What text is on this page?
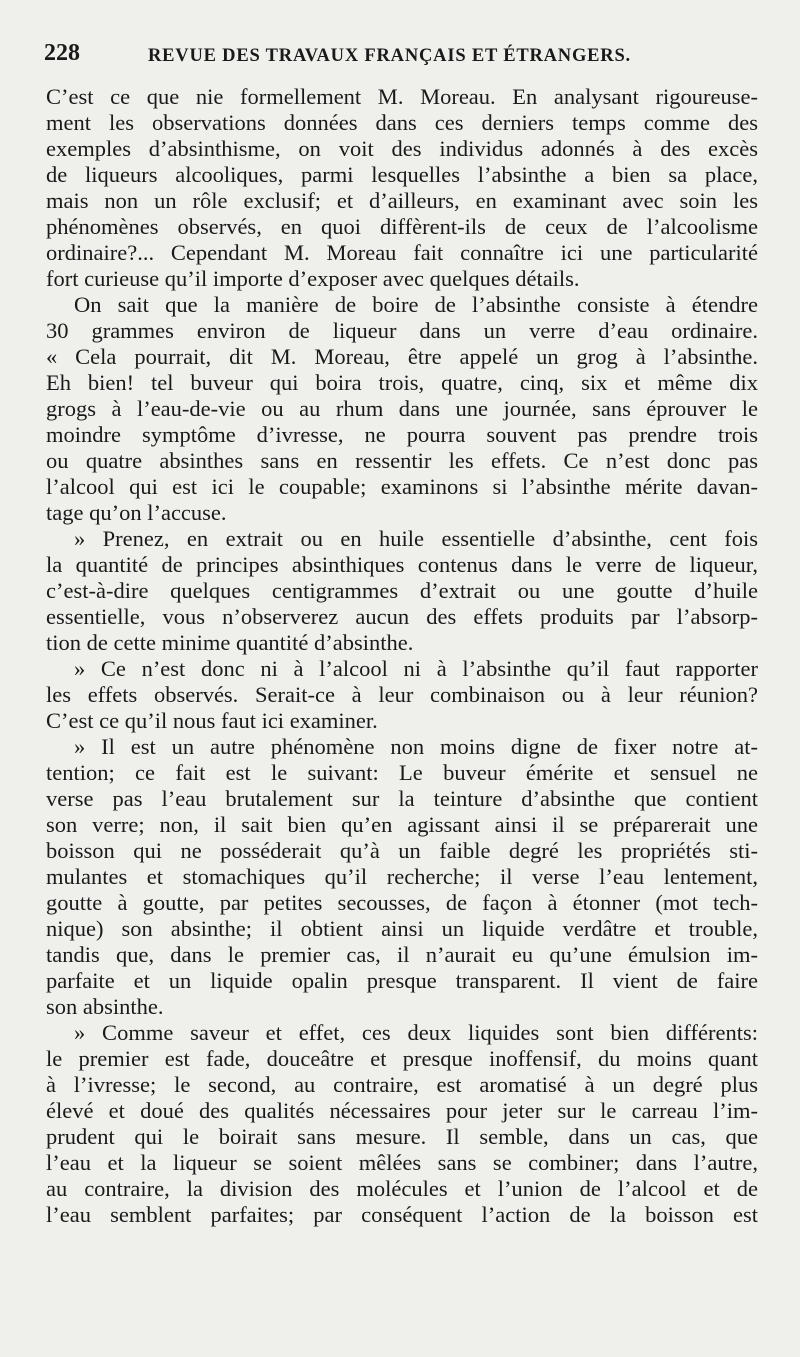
228	REVUE DES TRAVAUX FRANÇAIS ET ÉTRANGERS.
C’est ce que nie formellement M. Moreau. En analysant rigoureuse-
ment les observations données dans ces derniers temps comme des
exemples d’absinthisme, on voit des individus adonnés à des excès
de liqueurs alcooliques, parmi lesquelles l’absinthe a bien sa place,
mais non un rôle exclusif; et d’ailleurs, en examinant avec soin les
phénomènes observés, en quoi diffèrent-ils de ceux de l’alcoolisme
ordinaire?... Cependant M. Moreau fait connaître ici une particularité
fort curieuse qu’il importe d’exposer avec quelques détails.
On sait que la manière de boire de l’absinthe consiste à étendre
30 grammes environ de liqueur dans un verre d’eau ordinaire.
« Cela pourrait, dit M. Moreau, être appelé un grog à l’absinthe.
Eh bien! tel buveur qui boira trois, quatre, cinq, six et même dix
grogs à l’eau-de-vie ou au rhum dans une journée, sans éprouver le
moindre symptôme d’ivresse, ne pourra souvent pas prendre trois
ou quatre absinthes sans en ressentir les effets. Ce n’est donc pas
l’alcool qui est ici le coupable; examinons si l’absinthe mérite davan-
tage qu’on l’accuse.
» Prenez, en extrait ou en huile essentielle d’absinthe, cent fois
la quantité de principes absinthiques contenus dans le verre de liqueur,
c’est-à-dire quelques centigrammes d’extrait ou une goutte d’huile
essentielle, vous n’observerez aucun des effets produits par l’absorp-
tion de cette minime quantité d’absinthe.
» Ce n’est donc ni à l’alcool ni à l’absinthe qu’il faut rapporter
les effets observés. Serait-ce à leur combinaison ou à leur réunion?
C’est ce qu’il nous faut ici examiner.
» Il est un autre phénomène non moins digne de fixer notre at-
tention; ce fait est le suivant: Le buveur émérite et sensuel ne
verse pas l’eau brutalement sur la teinture d’absinthe que contient
son verre; non, il sait bien qu’en agissant ainsi il se préparerait une
boisson qui ne posséderait qu’à un faible degré les propriétés sti-
mulantes et stomachiques qu’il recherche; il verse l’eau lentement,
goutte à goutte, par petites secousses, de façon à étonner (mot tech-
nique) son absinthe; il obtient ainsi un liquide verdâtre et trouble,
tandis que, dans le premier cas, il n’aurait eu qu’une émulsion im-
parfaite et un liquide opalin presque transparent. Il vient de faire
son absinthe.
» Comme saveur et effet, ces deux liquides sont bien différents:
le premier est fade, douceâtre et presque inoffensif, du moins quant
à l’ivresse; le second, au contraire, est aromatisé à un degré plus
élevé et doué des qualités nécessaires pour jeter sur le carreau l’im-
prudent qui le boirait sans mesure. Il semble, dans un cas, que
l’eau et la liqueur se soient mêlées sans se combiner; dans l’autre,
au contraire, la division des molécules et l’union de l’alcool et de
l’eau semblent parfaites; par conséquent l’action de la boisson est
